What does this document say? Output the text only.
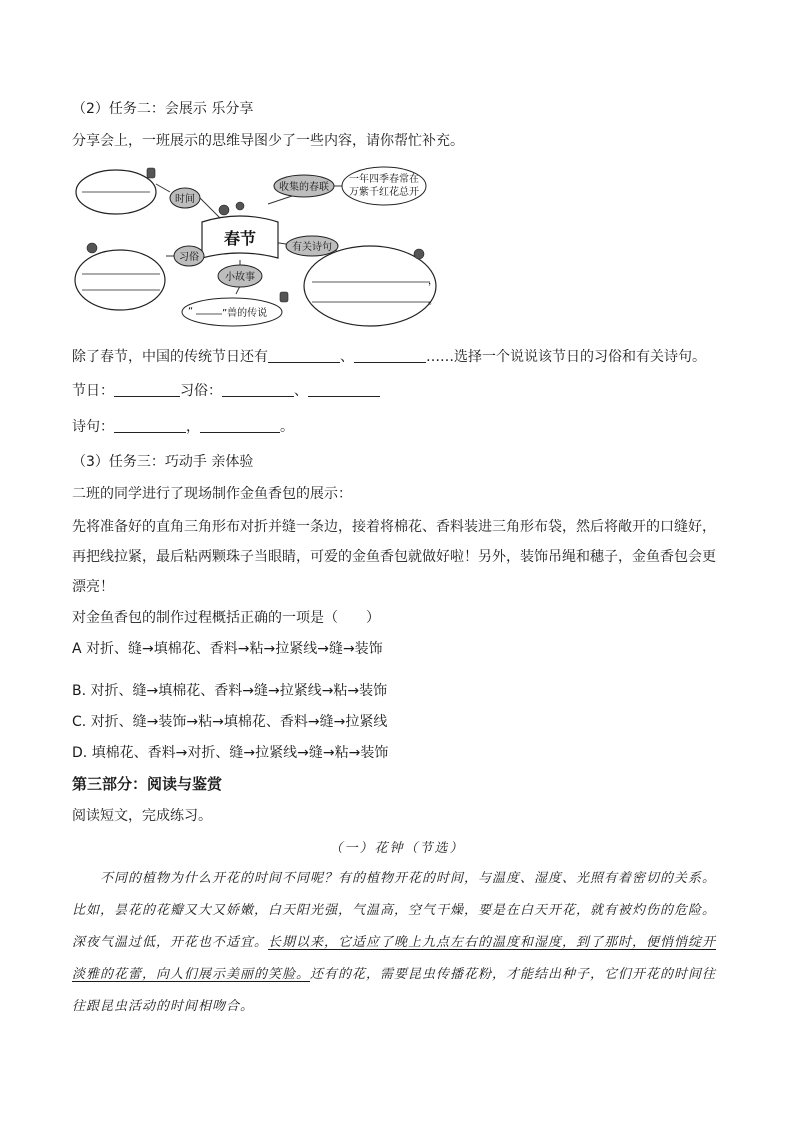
（2）任务二：会展示 乐分享
分享会上，一班展示的思维导图少了一些内容，请你帮忙补充。
时间
收集的春联
一年四季春常在
万紫千红花总开
春节
习俗
有关诗句
，
。
小故事
“	”兽的传说
除了春节，中国的传统节日还有	、	……选择一个说说该节日的习俗和有关诗句。
节日：	习俗：	、
诗句：	，	。
（3）任务三：巧动手 亲体验
二班的同学进行了现场制作金鱼香包的展示：
先将准备好的直角三角形布对折并缝一条边，接着将棉花、香料装进三角形布袋，然后将敞开的口缝好，
再把线拉紧，最后粘两颗珠子当眼睛，可爱的金鱼香包就做好啦！另外，装饰吊绳和穗子，金鱼香包会更
漂亮！
对金鱼香包的制作过程概括正确的一项是（　　）
A 对折、缝→填棉花、香料→粘→拉紧线→缝→装饰
B. 对折、缝→填棉花、香料→缝→拉紧线→粘→装饰
C. 对折、缝→装饰→粘→填棉花、香料→缝→拉紧线
D. 填棉花、香料→对折、缝→拉紧线→缝→粘→装饰
第三部分：阅读与鉴赏
阅读短文，完成练习。
（一）花钟（节选）
　　不同的植物为什么开花的时间不同呢？有的植物开花的时间，与温度、湿度、光照有着密切的关系。
比如，昙花的花瓣又大又娇嫩，白天阳光强，气温高，空气干燥，要是在白天开花，就有被灼伤的危险。
深夜气温过低，开花也不适宜。长期以来，它适应了晚上九点左右的温度和湿度，到了那时，便悄悄绽开
淡雅的花蕾，向人们展示美丽的笑脸。还有的花，需要昆虫传播花粉，才能结出种子，它们开花的时间往
往跟昆虫活动的时间相吻合。
